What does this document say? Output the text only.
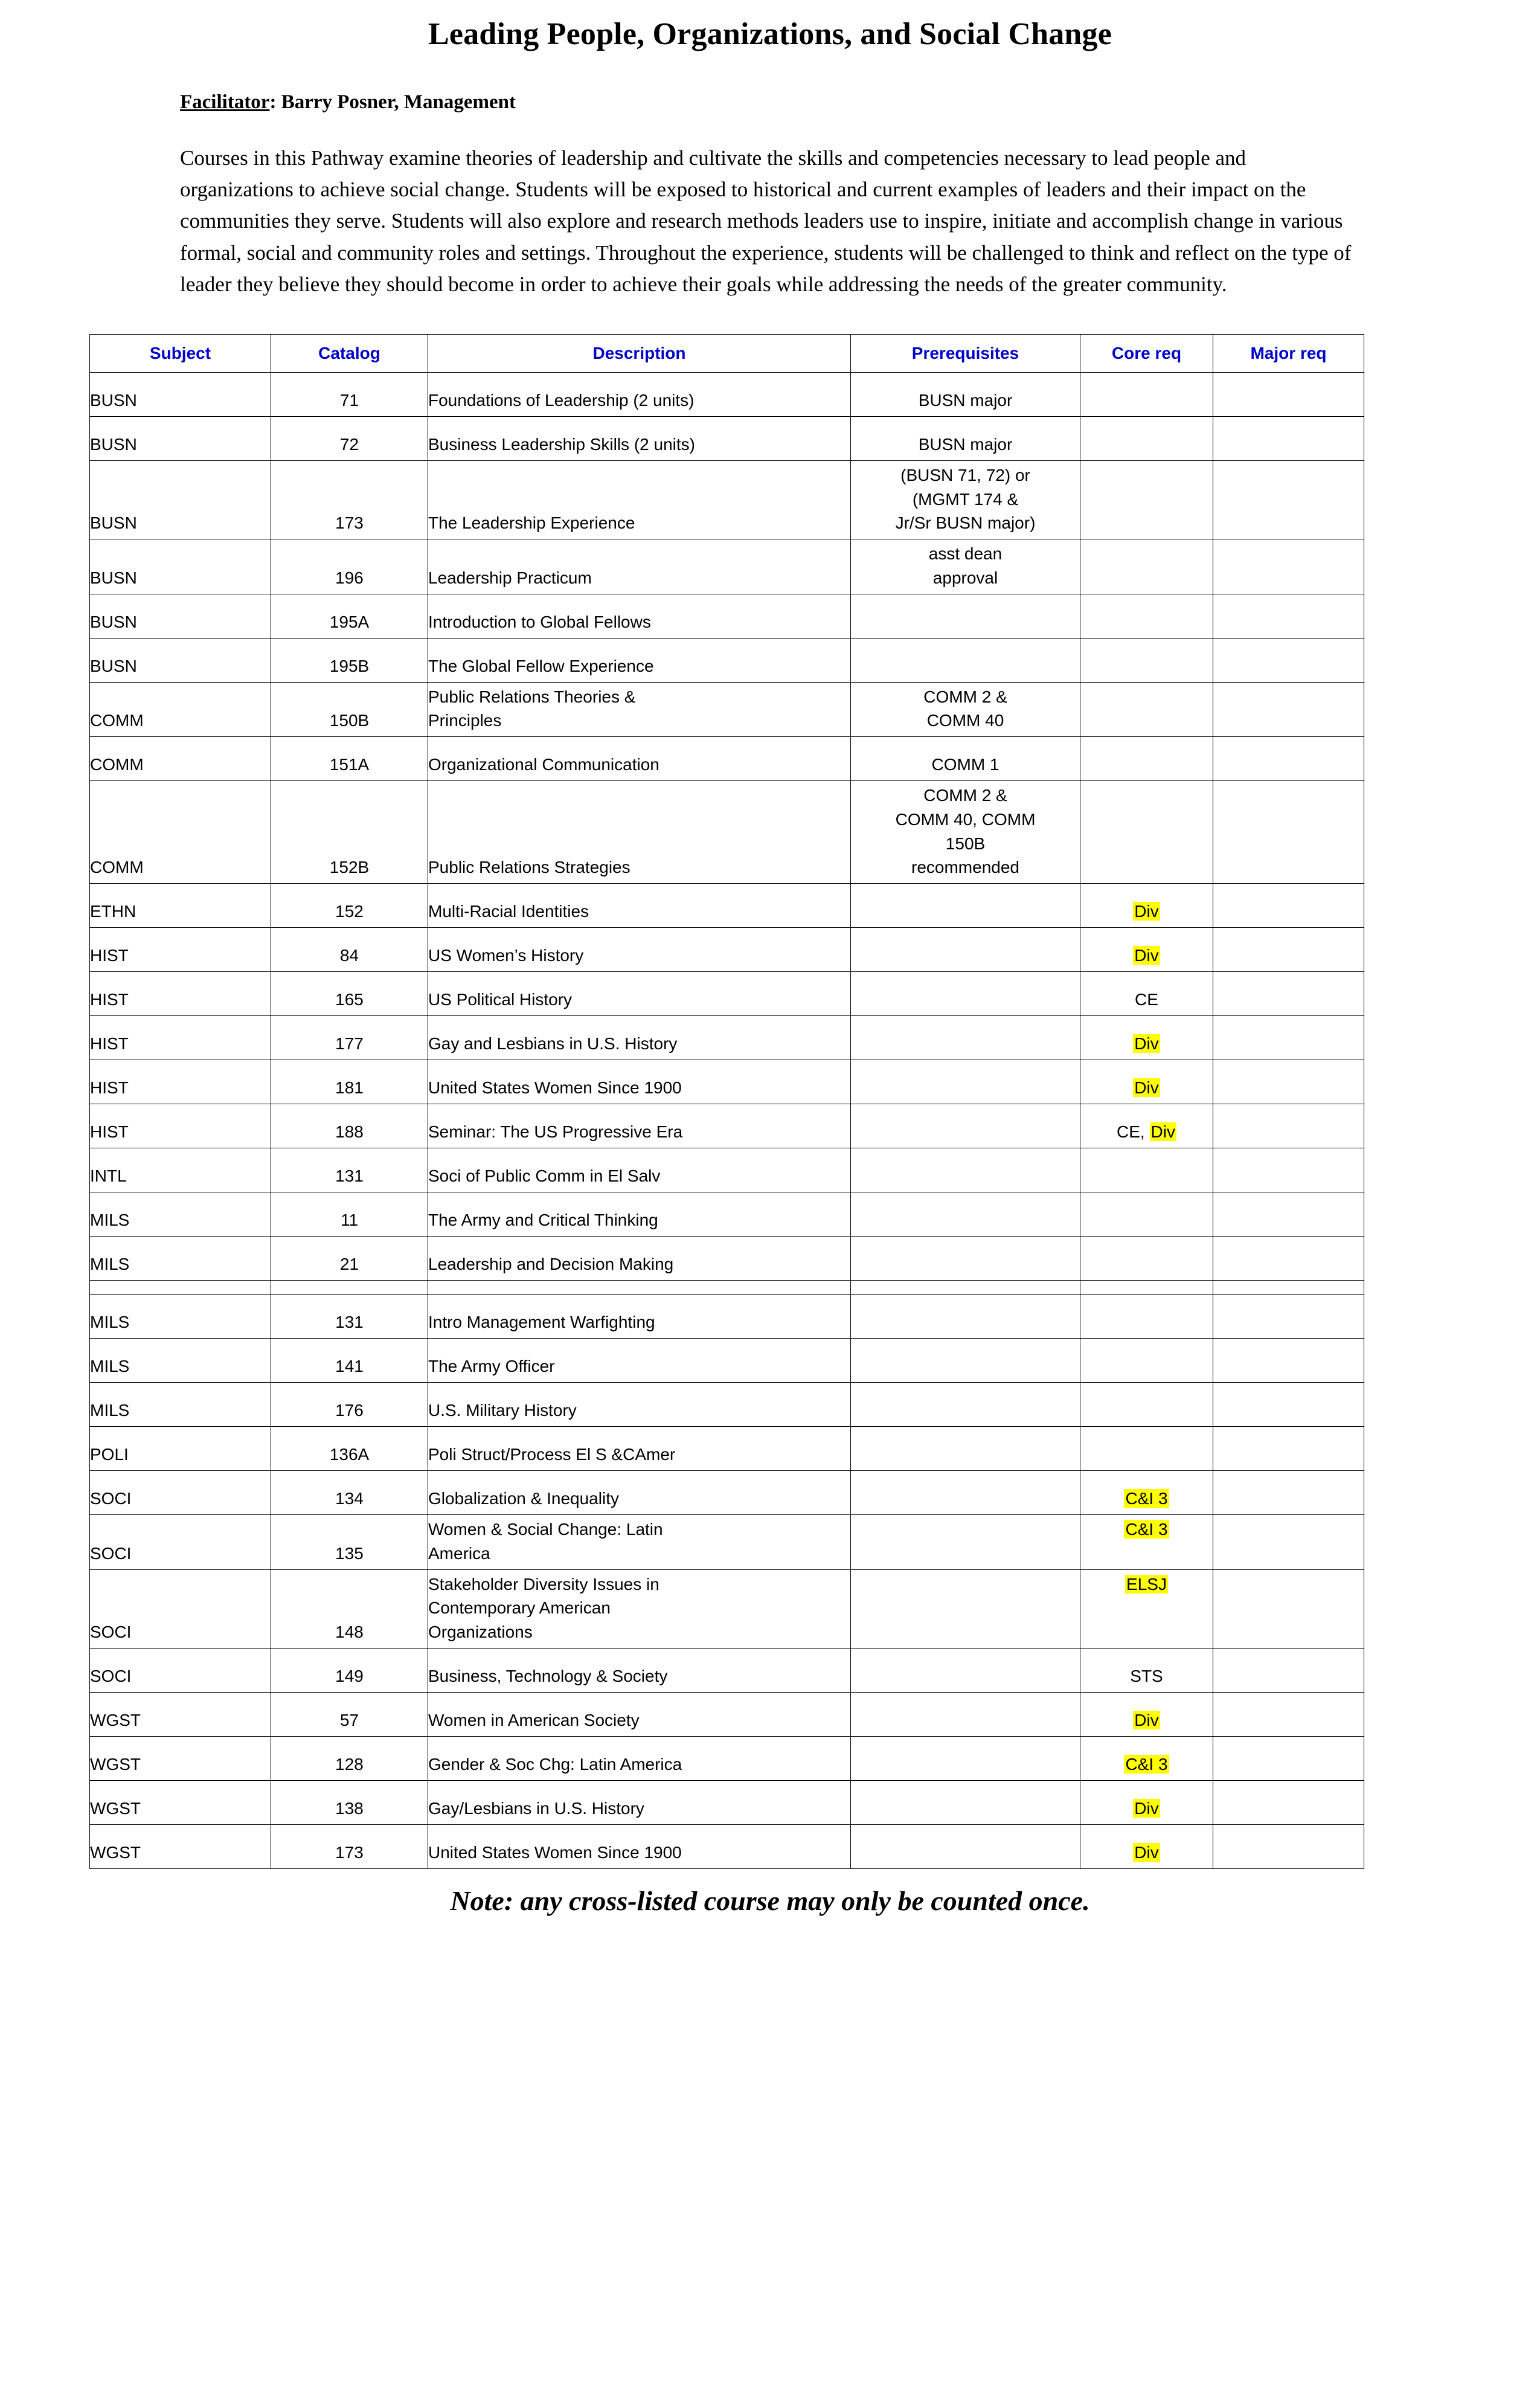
Leading People, Organizations, and Social Change

Facilitator: Barry Posner, Management

Courses in this Pathway examine theories of leadership and cultivate the skills and competencies necessary to lead people and organizations to achieve social change. Students will be exposed to historical and current examples of leaders and their impact on the communities they serve. Students will also explore and research methods leaders use to inspire, initiate and accomplish change in various formal, social and community roles and settings. Throughout the experience, students will be challenged to think and reflect on the type of leader they believe they should become in order to achieve their goals while addressing the needs of the greater community.

Subject	Catalog	Description	Prerequisites	Core req	Major req

BUSN	71	Foundations of Leadership (2 units)	BUSN major		

BUSN	72	Business Leadership Skills (2 units)	BUSN major		

BUSN	173	The Leadership Experience	(BUSN 71, 72) or
(MGMT 174 &
Jr/Sr BUSN major)		

BUSN	196	Leadership Practicum	asst dean
approval		

BUSN	195A	Introduction to Global Fellows			

BUSN	195B	The Global Fellow Experience			

COMM	150B	Public Relations Theories &
Principles	COMM 2 &
COMM 40		

COMM	151A	Organizational Communication	COMM 1		

COMM	152B	Public Relations Strategies	COMM 2 &
COMM 40, COMM
150B
recommended		

ETHN	152	Multi-Racial Identities		Div	

HIST	84	US Women’s History		Div	

HIST	165	US Political History		CE	

HIST	177	Gay and Lesbians in U.S. History		Div	

HIST	181	United States Women Since 1900		Div	

HIST	188	Seminar: The US Progressive Era		CE, Div	

INTL	131	Soci of Public Comm in El Salv			

MILS	11	The Army and Critical Thinking			

MILS	21	Leadership and Decision Making			

MILS	131	Intro Management Warfighting			

MILS	141	The Army Officer			

MILS	176	U.S. Military History			

POLI	136A	Poli Struct/Process El S &CAmer			

SOCI	134	Globalization & Inequality		C&I 3	

SOCI	135	Women & Social Change: Latin
America		C&I 3	

SOCI	148	Stakeholder Diversity Issues in
Contemporary American
Organizations		ELSJ	

SOCI	149	Business, Technology & Society		STS	

WGST	57	Women in American Society		Div	

WGST	128	Gender & Soc Chg: Latin America		C&I 3	

WGST	138	Gay/Lesbians in U.S. History		Div	

WGST	173	United States Women Since 1900		Div	

Note: any cross-listed course may only be counted once.
